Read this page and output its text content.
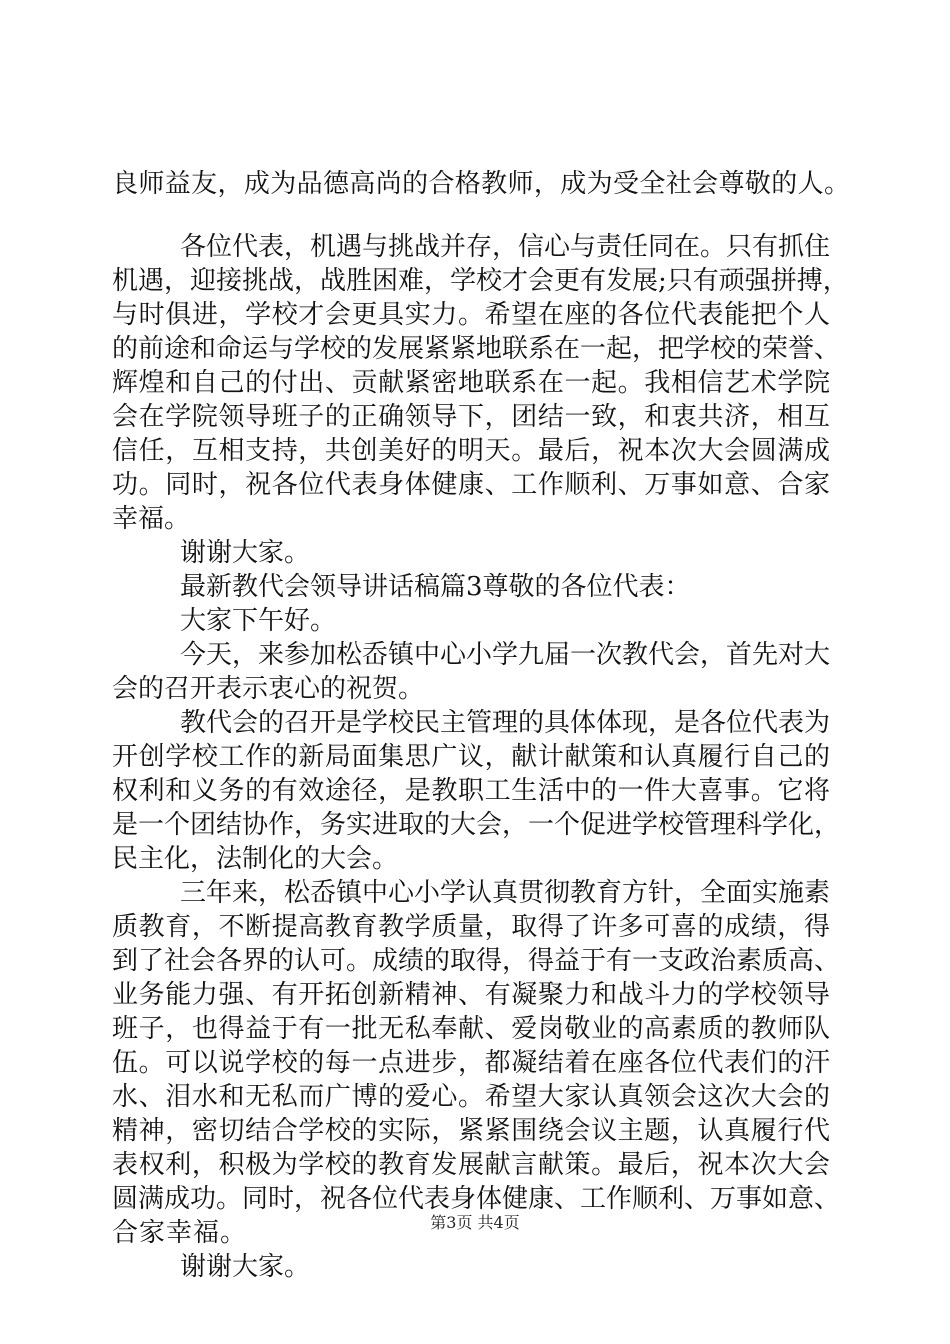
良师益友，成为品德高尚的合格教师，成为受全社会尊敬的人。
各位代表，机遇与挑战并存，信心与责任同在。只有抓住
机遇，迎接挑战，战胜困难，学校才会更有发展;只有顽强拼搏，
与时俱进，学校才会更具实力。希望在座的各位代表能把个人
的前途和命运与学校的发展紧紧地联系在一起，把学校的荣誉、
辉煌和自己的付出、贡献紧密地联系在一起。我相信艺术学院
会在学院领导班子的正确领导下，团结一致，和衷共济，相互
信任，互相支持，共创美好的明天。最后，祝本次大会圆满成
功。同时，祝各位代表身体健康、工作顺利、万事如意、合家
幸福。
谢谢大家。
最新教代会领导讲话稿篇3尊敬的各位代表：
大家下午好。
今天，来参加松岙镇中心小学九届一次教代会，首先对大
会的召开表示衷心的祝贺。
教代会的召开是学校民主管理的具体体现，是各位代表为
开创学校工作的新局面集思广议，献计献策和认真履行自己的
权利和义务的有效途径，是教职工生活中的一件大喜事。它将
是一个团结协作，务实进取的大会，一个促进学校管理科学化，
民主化，法制化的大会。
三年来，松岙镇中心小学认真贯彻教育方针，全面实施素
质教育，不断提高教育教学质量，取得了许多可喜的成绩，得
到了社会各界的认可。成绩的取得，得益于有一支政治素质高、
业务能力强、有开拓创新精神、有凝聚力和战斗力的学校领导
班子，也得益于有一批无私奉献、爱岗敬业的高素质的教师队
伍。可以说学校的每一点进步，都凝结着在座各位代表们的汗
水、泪水和无私而广博的爱心。希望大家认真领会这次大会的
精神，密切结合学校的实际，紧紧围绕会议主题，认真履行代
表权利，积极为学校的教育发展献言献策。最后，祝本次大会
圆满成功。同时，祝各位代表身体健康、工作顺利、万事如意、
合家幸福。
谢谢大家。
第3页 共4页
